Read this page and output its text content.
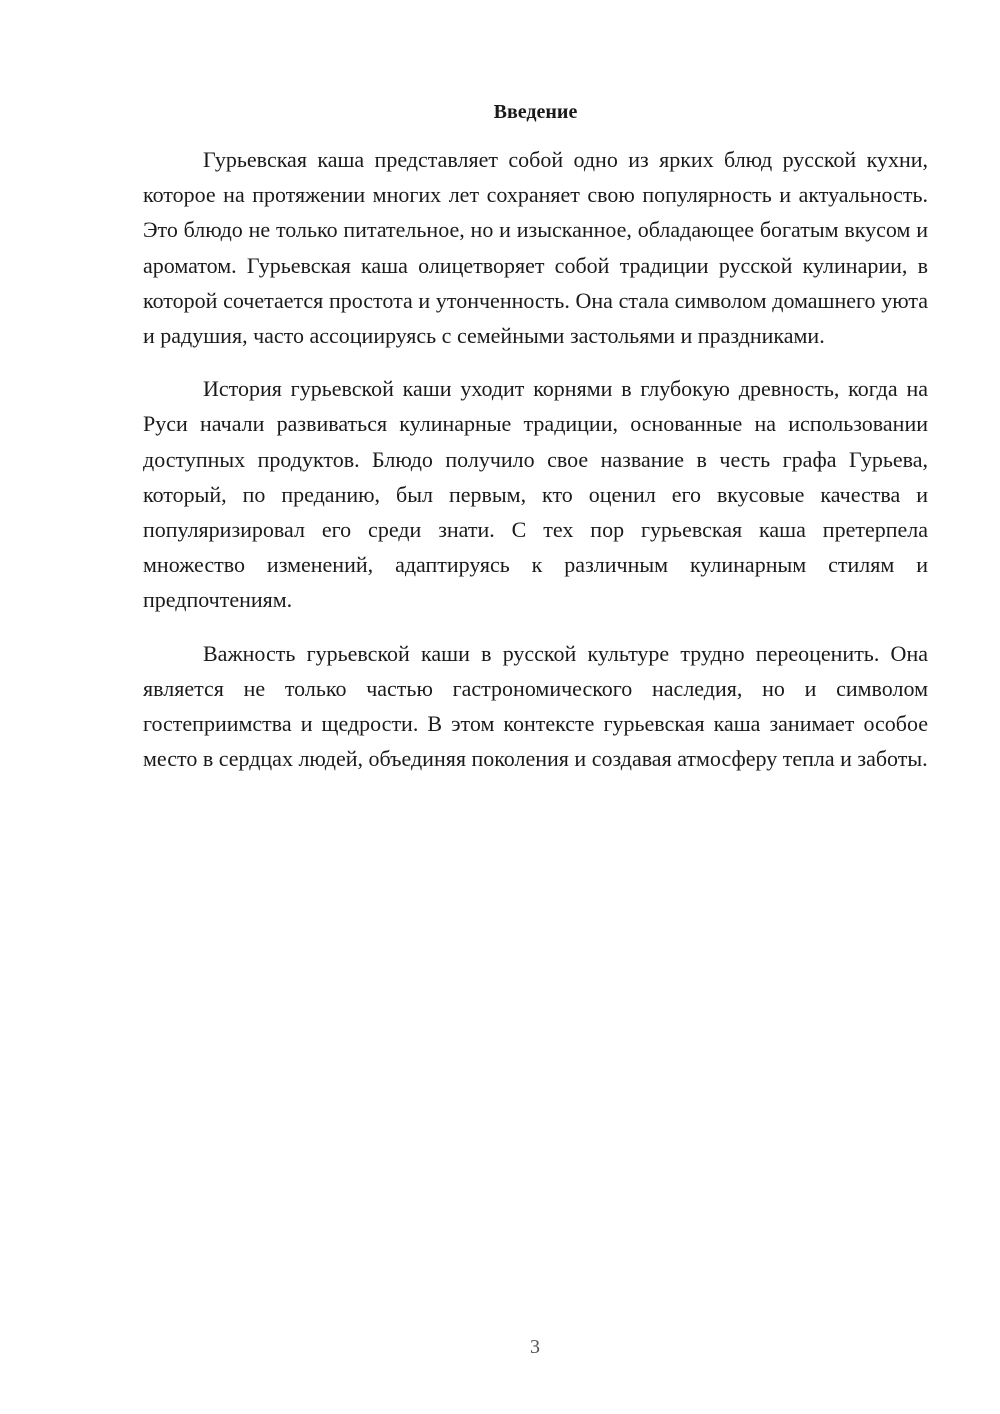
Введение

Гурьевская каша представляет собой одно из ярких блюд русской кухни, которое на протяжении многих лет сохраняет свою популярность и актуальность. Это блюдо не только питательное, но и изысканное, обладающее богатым вкусом и ароматом. Гурьевская каша олицетворяет собой традиции русской кулинарии, в которой сочетается простота и утонченность. Она стала символом домашнего уюта и радушия, часто ассоциируясь с семейными застольями и праздниками.

История гурьевской каши уходит корнями в глубокую древность, когда на Руси начали развиваться кулинарные традиции, основанные на использовании доступных продуктов. Блюдо получило свое название в честь графа Гурьева, который, по преданию, был первым, кто оценил его вкусовые качества и популяризировал его среди знати. С тех пор гурьевская каша претерпела множество изменений, адаптируясь к различным кулинарным стилям и предпочтениям.

Важность гурьевской каши в русской культуре трудно переоценить. Она является не только частью гастрономического наследия, но и символом гостеприимства и щедрости. В этом контексте гурьевская каша занимает особое место в сердцах людей, объединяя поколения и создавая атмосферу тепла и заботы.

3
